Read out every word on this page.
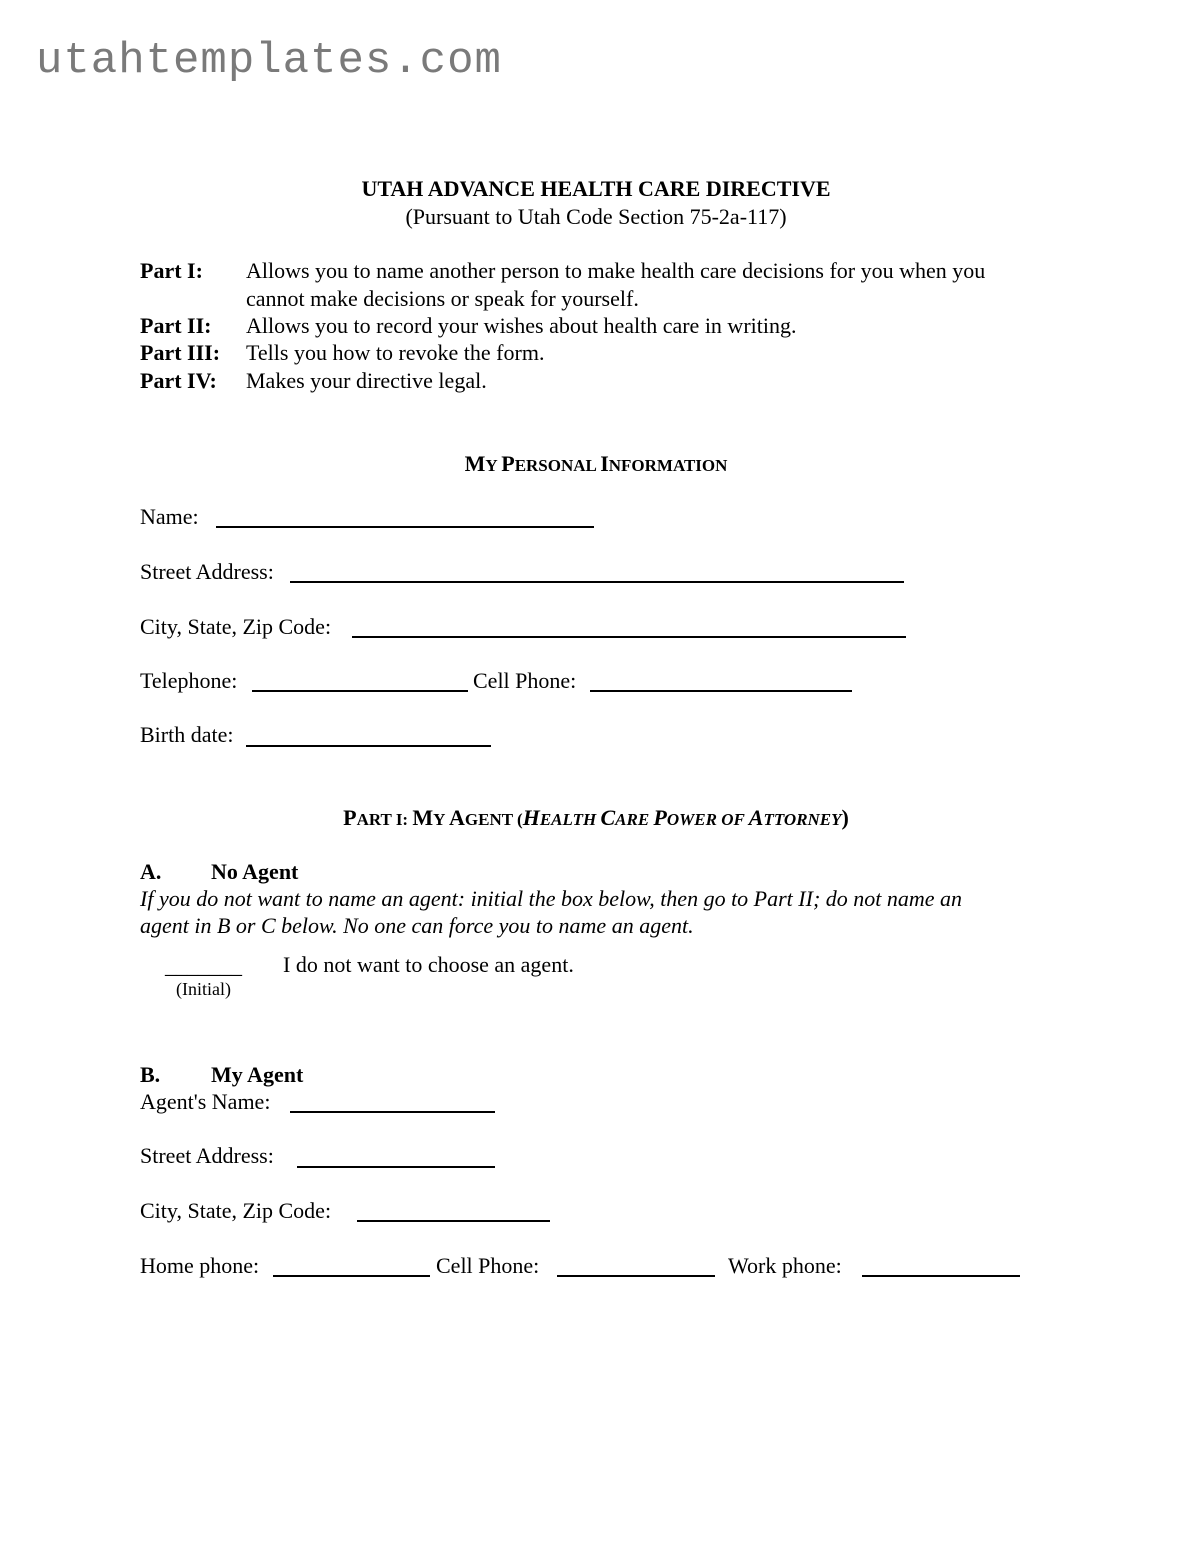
utahtemplates.com
UTAH ADVANCE HEALTH CARE DIRECTIVE
(Pursuant to Utah Code Section 75-2a-117)
Part I: Allows you to name another person to make health care decisions for you when you
cannot make decisions or speak for yourself.
Part II: Allows you to record your wishes about health care in writing.
Part III: Tells you how to revoke the form.
Part IV: Makes your directive legal.
MY PERSONAL INFORMATION
Name:
Street Address:
City, State, Zip Code:
Telephone:	Cell Phone:
Birth date:
PART I: MY AGENT (HEALTH CARE POWER OF ATTORNEY)
A. No Agent
If you do not want to name an agent: initial the box below, then go to Part II; do not name an
agent in B or C below. No one can force you to name an agent.
_______ I do not want to choose an agent.
(Initial)
B. My Agent
Agent's Name:
Street Address:
City, State, Zip Code:
Home phone:	Cell Phone:	Work phone:
